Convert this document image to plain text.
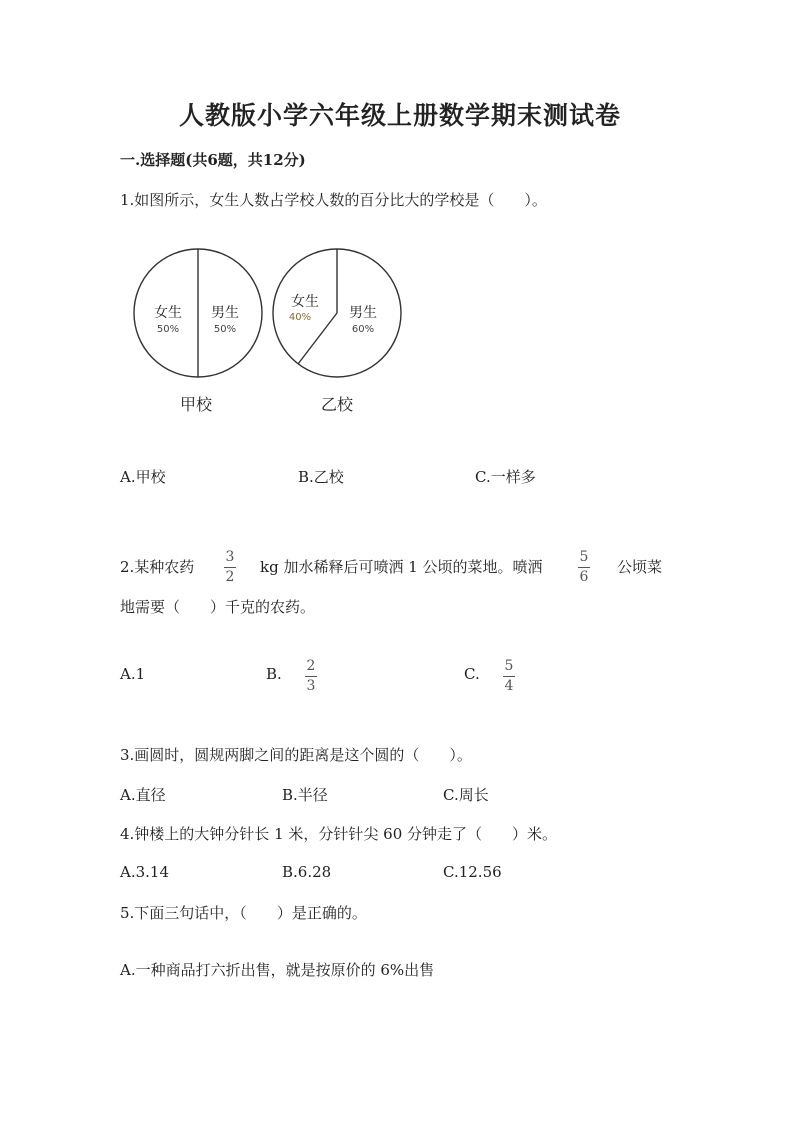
人教版小学六年级上册数学期末测试卷
一.选择题(共6题，共12分)
1.如图所示，女生人数占学校人数的百分比大的学校是（　　）。
女生
50%
男生
50%
甲校
女生
40%	男生
60%
乙校
A.甲校	B.乙校	C.一样多
2.某种农药
3
2
kg 加水稀释后可喷洒 1 公顷的菜地。喷洒
5
6
公顷菜
地需要（　　）千克的农药。
A.1	B. 2
3
C. 5
4
3.画圆时，圆规两脚之间的距离是这个圆的（　　）。
A.直径	B.半径	C.周长
4.钟楼上的大钟分针长 1 米，分针针尖 60 分钟走了（　　）米。
A.3.14	B.6.28	C.12.56
5.下面三句话中，（　　）是正确的。
A.一种商品打六折出售，就是按原价的 6%出售
